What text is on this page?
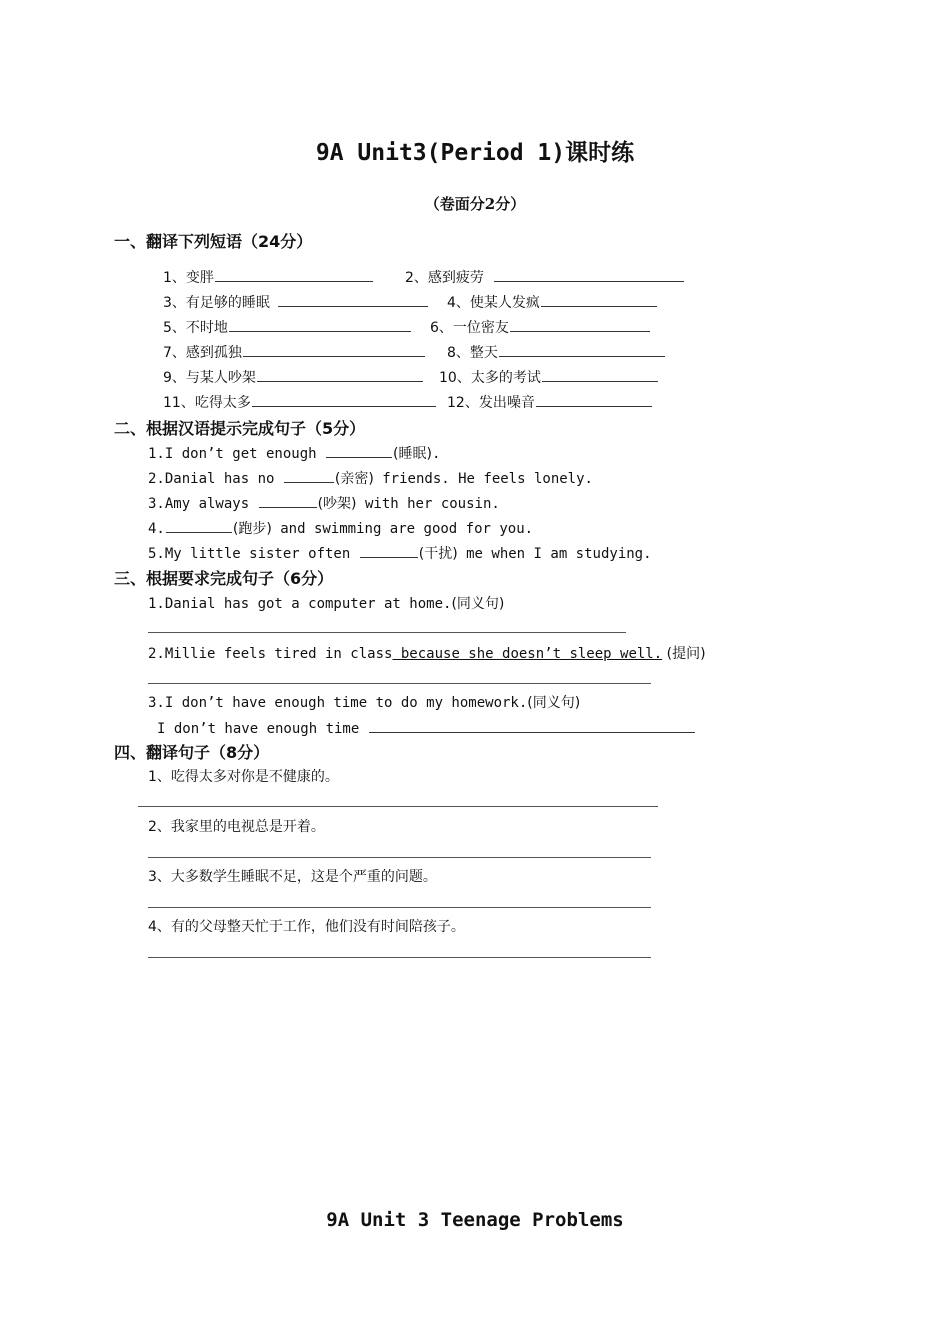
9A Unit3(Period 1)课时练
（卷面分2分）
一、翻译下列短语（24分）
1、变胖	2、感到疲劳
3、有足够的睡眠	4、使某人发疯
5、不时地	6、一位密友
7、感到孤独	8、整天
9、与某人吵架	10、太多的考试
11、吃得太多	12、发出噪音
二、根据汉语提示完成句子（5分）
1.I don’t get enough	(睡眠).
2.Danial has no	(亲密) friends. He feels lonely.
3.Amy always	(吵架) with her cousin.
4.	(跑步) and swimming are good for you.
5.My little sister often	(干扰) me when I am studying.
三、根据要求完成句子（6分）
1.Danial has got a computer at home.(同义句)
2.Millie feels tired in class because she doesn’t sleep well. (提问)
3.I don’t have enough time to do my homework.(同义句)
I don’t have enough time
四、翻译句子（8分）
1、吃得太多对你是不健康的。
2、我家里的电视总是开着。
3、大多数学生睡眠不足，这是个严重的问题。
4、有的父母整天忙于工作，他们没有时间陪孩子。
9A Unit 3 Teenage Problems
